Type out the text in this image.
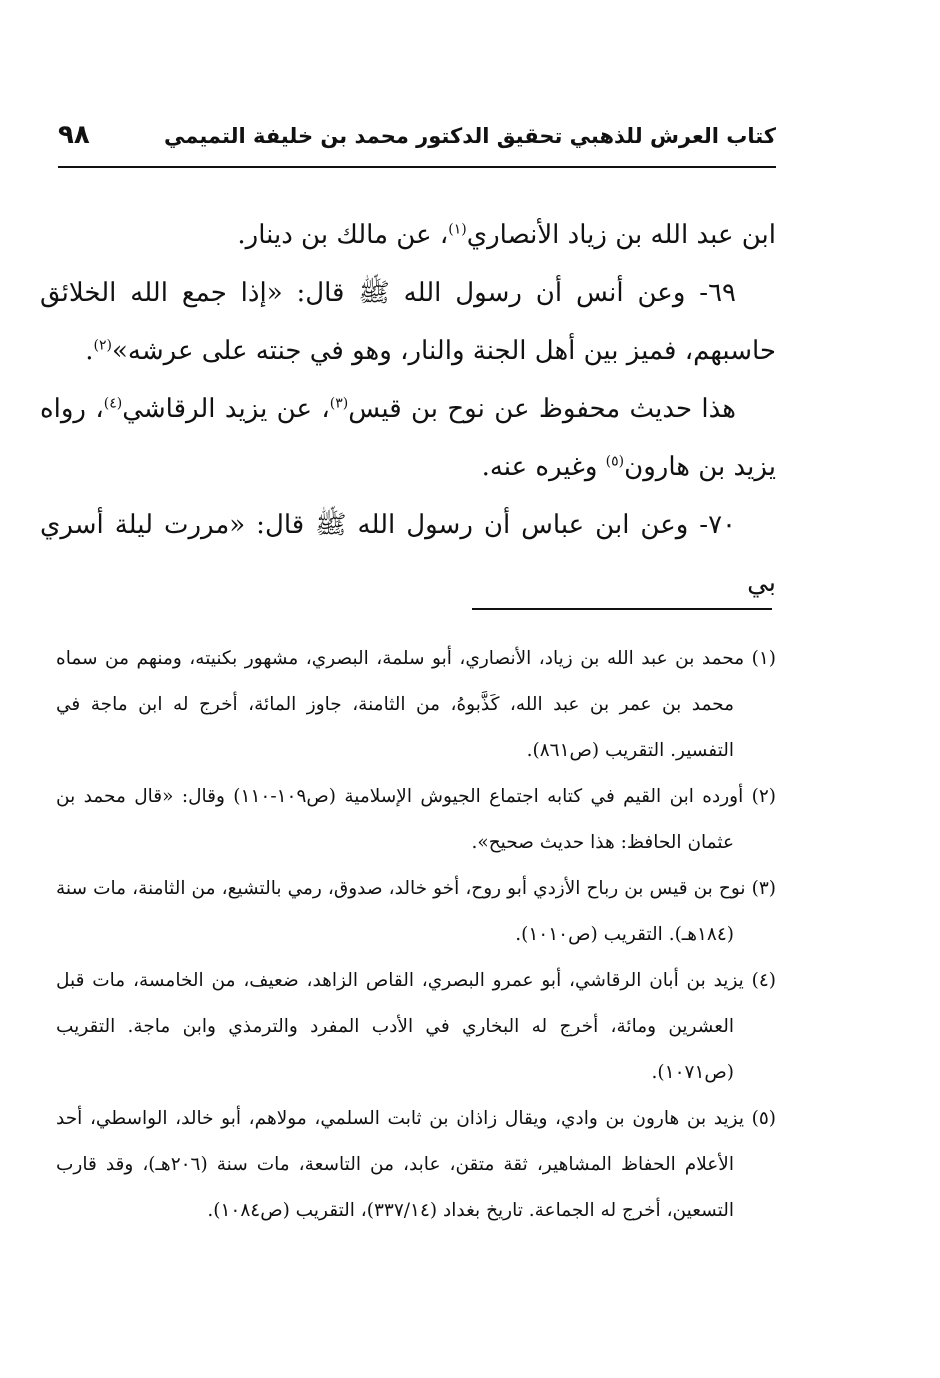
كتاب العرش للذهبي تحقيق الدكتور محمد بن خليفة التميمي
٩٨

ابن عبد الله بن زياد الأنصاري$^{(١)}$، عن مالك بن دينار.

٦٩- وعن أنس أن رسول الله ﷺ قال: «إذا جمع الله الخلائق حاسبهم، فميز بين أهل الجنة والنار، وهو في جنته على عرشه»$^{(٢)}$.

هذا حديث محفوظ عن نوح بن قيس$^{(٣)}$، عن يزيد الرقاشي$^{(٤)}$، رواه يزيد بن هارون$^{(٥)}$ وغيره عنه.

٧٠- وعن ابن عباس أن رسول الله ﷺ قال: «مررت ليلة أسري بي

(١) محمد بن عبد الله بن زياد، الأنصاري، أبو سلمة، البصري، مشهور بكنيته، ومنهم من سماه محمد بن عمر بن عبد الله، كَذَّبوهُ، من الثامنة، جاوز المائة، أخرج له ابن ماجة في التفسير. التقريب (ص٨٦١).

(٢) أورده ابن القيم في كتابه اجتماع الجيوش الإسلامية (ص١٠٩-١١٠) وقال: «قال محمد بن عثمان الحافظ: هذا حديث صحيح».

(٣) نوح بن قيس بن رباح الأزدي أبو روح، أخو خالد، صدوق، رمي بالتشيع، من الثامنة، مات سنة (١٨٤هـ). التقريب (ص١٠١٠).

(٤) يزيد بن أبان الرقاشي، أبو عمرو البصري، القاص الزاهد، ضعيف، من الخامسة، مات قبل العشرين ومائة، أخرج له البخاري في الأدب المفرد والترمذي وابن ماجة. التقريب (ص١٠٧١).

(٥) يزيد بن هارون بن وادي، ويقال زاذان بن ثابت السلمي، مولاهم، أبو خالد، الواسطي، أحد الأعلام الحفاظ المشاهير، ثقة متقن، عابد، من التاسعة، مات سنة (٢٠٦هـ)، وقد قارب التسعين، أخرج له الجماعة. تاريخ بغداد (٣٣٧/١٤)، التقريب (ص١٠٨٤).
